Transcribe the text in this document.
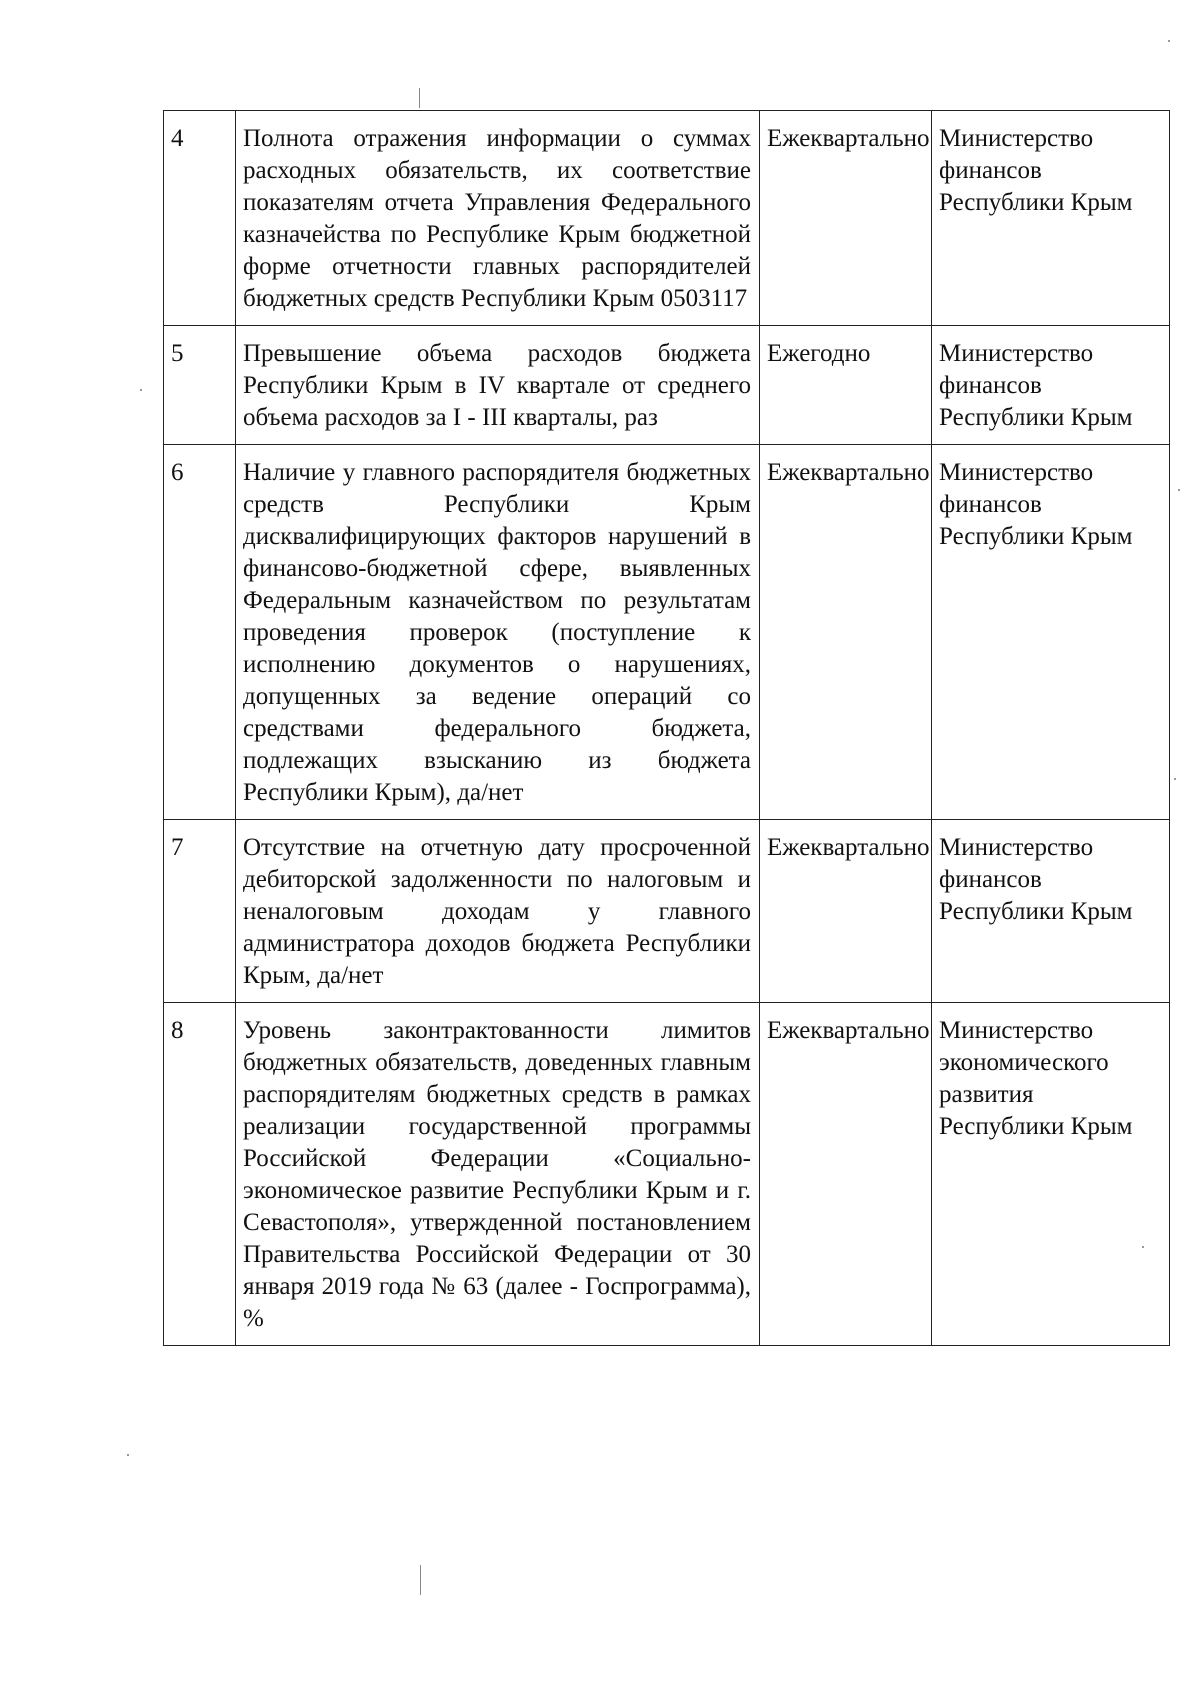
4	Полнота отражения информации о суммах расходных обязательств, их соответствие показателям отчета Управления Федерального казначейства по Республике Крым бюджетной форме отчетности главных распорядителей бюджетных средств Республики Крым 0503117	Ежеквартально	Министерство финансов Республики Крым
5	Превышение объема расходов бюджета Республики Крым в IV квартале от среднего объема расходов за I - III кварталы, раз	Ежегодно	Министерство финансов Республики Крым
6	Наличие у главного распорядителя бюджетных средств Республики Крым дисквалифицирующих факторов нарушений в финансово-бюджетной сфере, выявленных Федеральным казначейством по результатам проведения проверок (поступление к исполнению документов о нарушениях, допущенных за ведение операций со средствами федерального бюджета, подлежащих взысканию из бюджета Республики Крым), да/нет	Ежеквартально	Министерство финансов Республики Крым
7	Отсутствие на отчетную дату просроченной дебиторской задолженности по налоговым и неналоговым доходам у главного администратора доходов бюджета Республики Крым, да/нет	Ежеквартально	Министерство финансов Республики Крым
8	Уровень законтрактованности лимитов бюджетных обязательств, доведенных главным распорядителям бюджетных средств в рамках реализации государственной программы Российской Федерации «Социально-экономическое развитие Республики Крым и г. Севастополя», утвержденной постановлением Правительства Российской Федерации от 30 января 2019 года № 63 (далее - Госпрограмма), %	Ежеквартально	Министерство экономического развития Республики Крым
